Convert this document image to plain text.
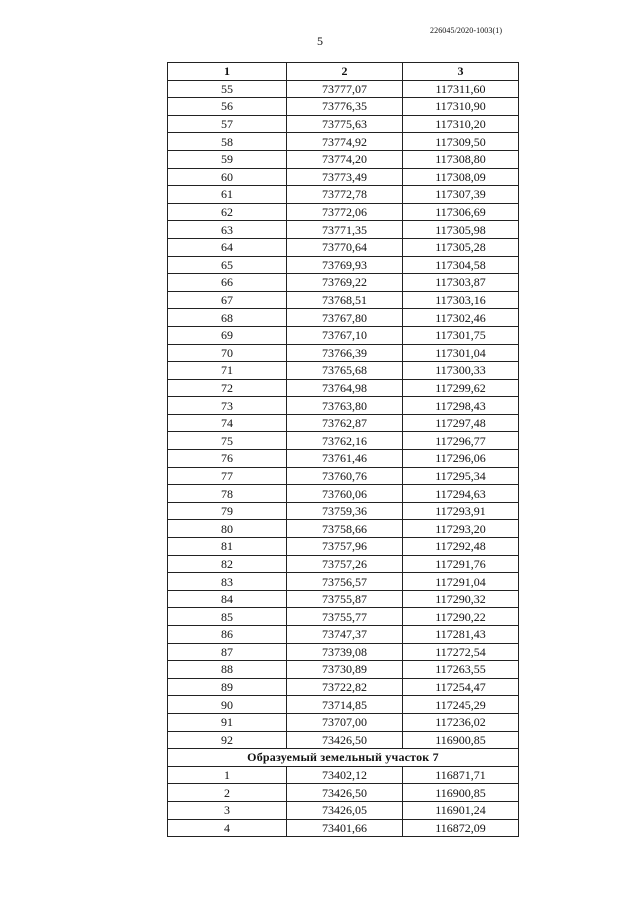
226045/2020-1003(1)
5
1	2	3
55	73777,07	117311,60
56	73776,35	117310,90
57	73775,63	117310,20
58	73774,92	117309,50
59	73774,20	117308,80
60	73773,49	117308,09
61	73772,78	117307,39
62	73772,06	117306,69
63	73771,35	117305,98
64	73770,64	117305,28
65	73769,93	117304,58
66	73769,22	117303,87
67	73768,51	117303,16
68	73767,80	117302,46
69	73767,10	117301,75
70	73766,39	117301,04
71	73765,68	117300,33
72	73764,98	117299,62
73	73763,80	117298,43
74	73762,87	117297,48
75	73762,16	117296,77
76	73761,46	117296,06
77	73760,76	117295,34
78	73760,06	117294,63
79	73759,36	117293,91
80	73758,66	117293,20
81	73757,96	117292,48
82	73757,26	117291,76
83	73756,57	117291,04
84	73755,87	117290,32
85	73755,77	117290,22
86	73747,37	117281,43
87	73739,08	117272,54
88	73730,89	117263,55
89	73722,82	117254,47
90	73714,85	117245,29
91	73707,00	117236,02
92	73426,50	116900,85
Образуемый земельный участок 7		
1	73402,12	116871,71
2	73426,50	116900,85
3	73426,05	116901,24
4	73401,66	116872,09
